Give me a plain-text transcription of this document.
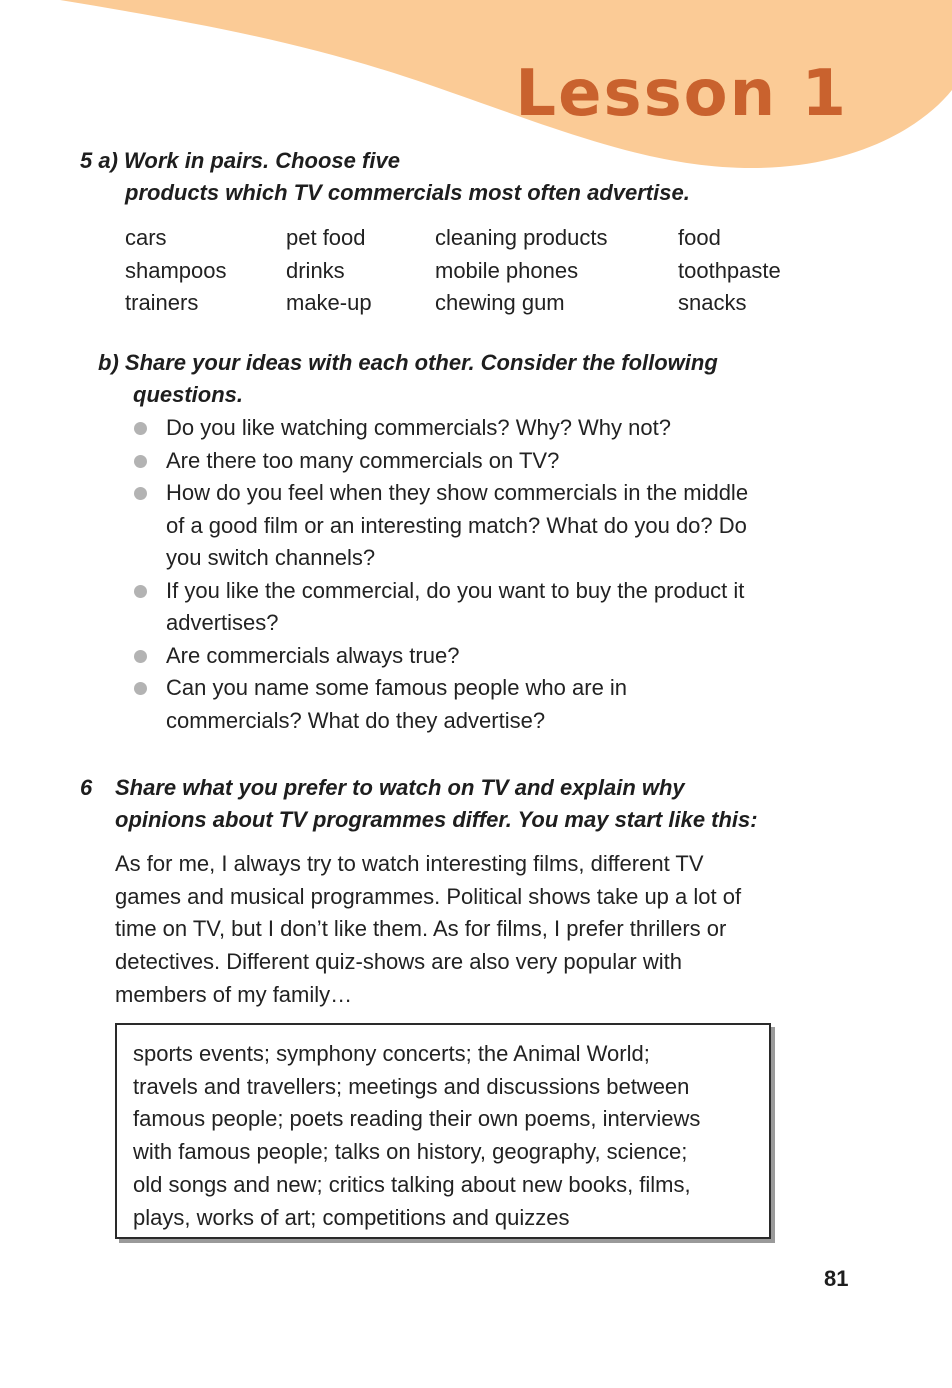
Lesson 1
5 a) Work in pairs. Choose five
products which TV commercials most often advertise.
cars
shampoos
trainers
pet food
drinks
make-up
cleaning products
mobile phones
chewing gum
food
toothpaste
snacks
b) Share your ideas with each other. Consider the following
questions.
Do you like watching commercials? Why? Why not?
Are there too many commercials on TV?
How do you feel when they show commercials in the middle
of a good film or an interesting match? What do you do? Do
you switch channels?
If you like the commercial, do you want to buy the product it
advertises?
Are commercials always true?
Can you name some famous people who are in
commercials? What do they advertise?
6 Share what you prefer to watch on TV and explain why
opinions about TV programmes differ. You may start like this:
As for me, I always try to watch interesting films, different TV
games and musical programmes. Political shows take up a lot of
time on TV, but I don’t like them. As for films, I prefer thrillers or
detectives. Different quiz-shows are also very popular with
members of my family…

sports events; symphony concerts; the Animal World;

travels and travellers; meetings and discussions between

famous people; poets reading their own poems, interviews

with famous people; talks on history, geography, science;

old songs and new; critics talking about new books, films,

plays, works of art; competitions and quizzes

81
